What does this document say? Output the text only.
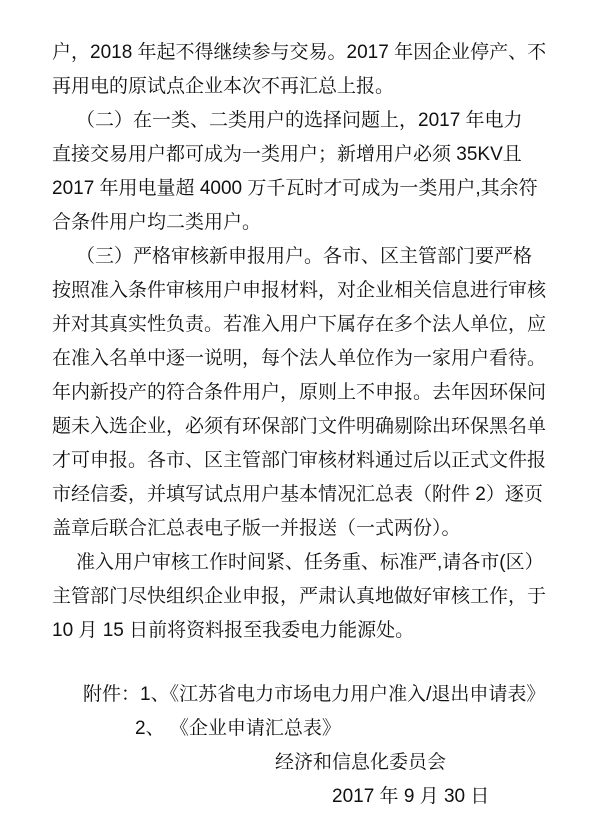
户，2018 年起不得继续参与交易。2017 年因企业停产、不
再用电的原试点企业本次不再汇总上报。
（二）在一类、二类用户的选择问题上，2017 年电力
直接交易用户都可成为一类用户；新增用户必须 35KV且
2017 年用电量超 4000 万千瓦时才可成为一类用户,其余符
合条件用户均二类用户。
（三）严格审核新申报用户。各市、区主管部门要严格
按照准入条件审核用户申报材料，对企业相关信息进行审核
并对其真实性负责。若准入用户下属存在多个法人单位，应
在准入名单中逐一说明，每个法人单位作为一家用户看待。
年内新投产的符合条件用户，原则上不申报。去年因环保问
题未入选企业，必须有环保部门文件明确剔除出环保黑名单
才可申报。各市、区主管部门审核材料通过后以正式文件报
市经信委，并填写试点用户基本情况汇总表（附件 2）逐页
盖章后联合汇总表电子版一并报送（一式两份）。
准入用户审核工作时间紧、任务重、标准严,请各市(区）
主管部门尽快组织企业申报，严肃认真地做好审核工作，于
10 月 15 日前将资料报至我委电力能源处。
附件：1、《江苏省电力市场电力用户准入/退出申请表》
2、 《企业申请汇总表》
经济和信息化委员会
2017 年 9 月 30 日
